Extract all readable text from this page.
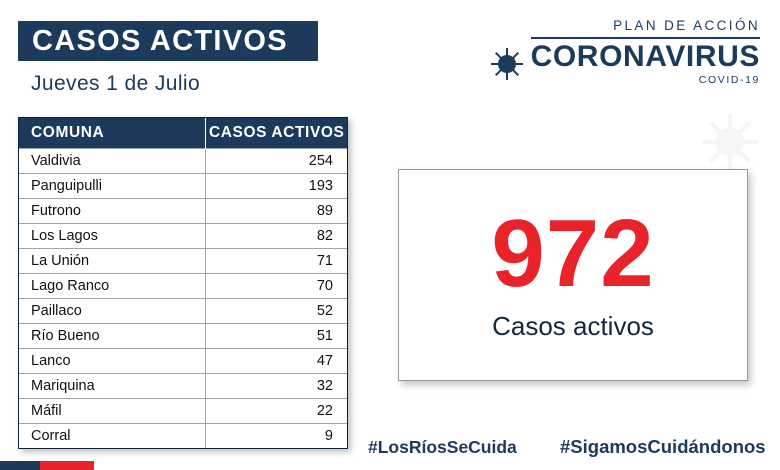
CASOS ACTIVOS
Jueves 1 de Julio
COMUNA	CASOS ACTIVOS
Valdivia	254
Panguipulli	193
Futrono	89
Los Lagos	82
La Unión	71
Lago Ranco	70
Paillaco	52
Río Bueno	51
Lanco	47
Mariquina	32
Máfil	22
Corral	9
PLAN DE ACCIÓN
CORONAVIRUS
COVID-19
972
Casos activos
#LosRíosSeCuida #SigamosCuidándonos
